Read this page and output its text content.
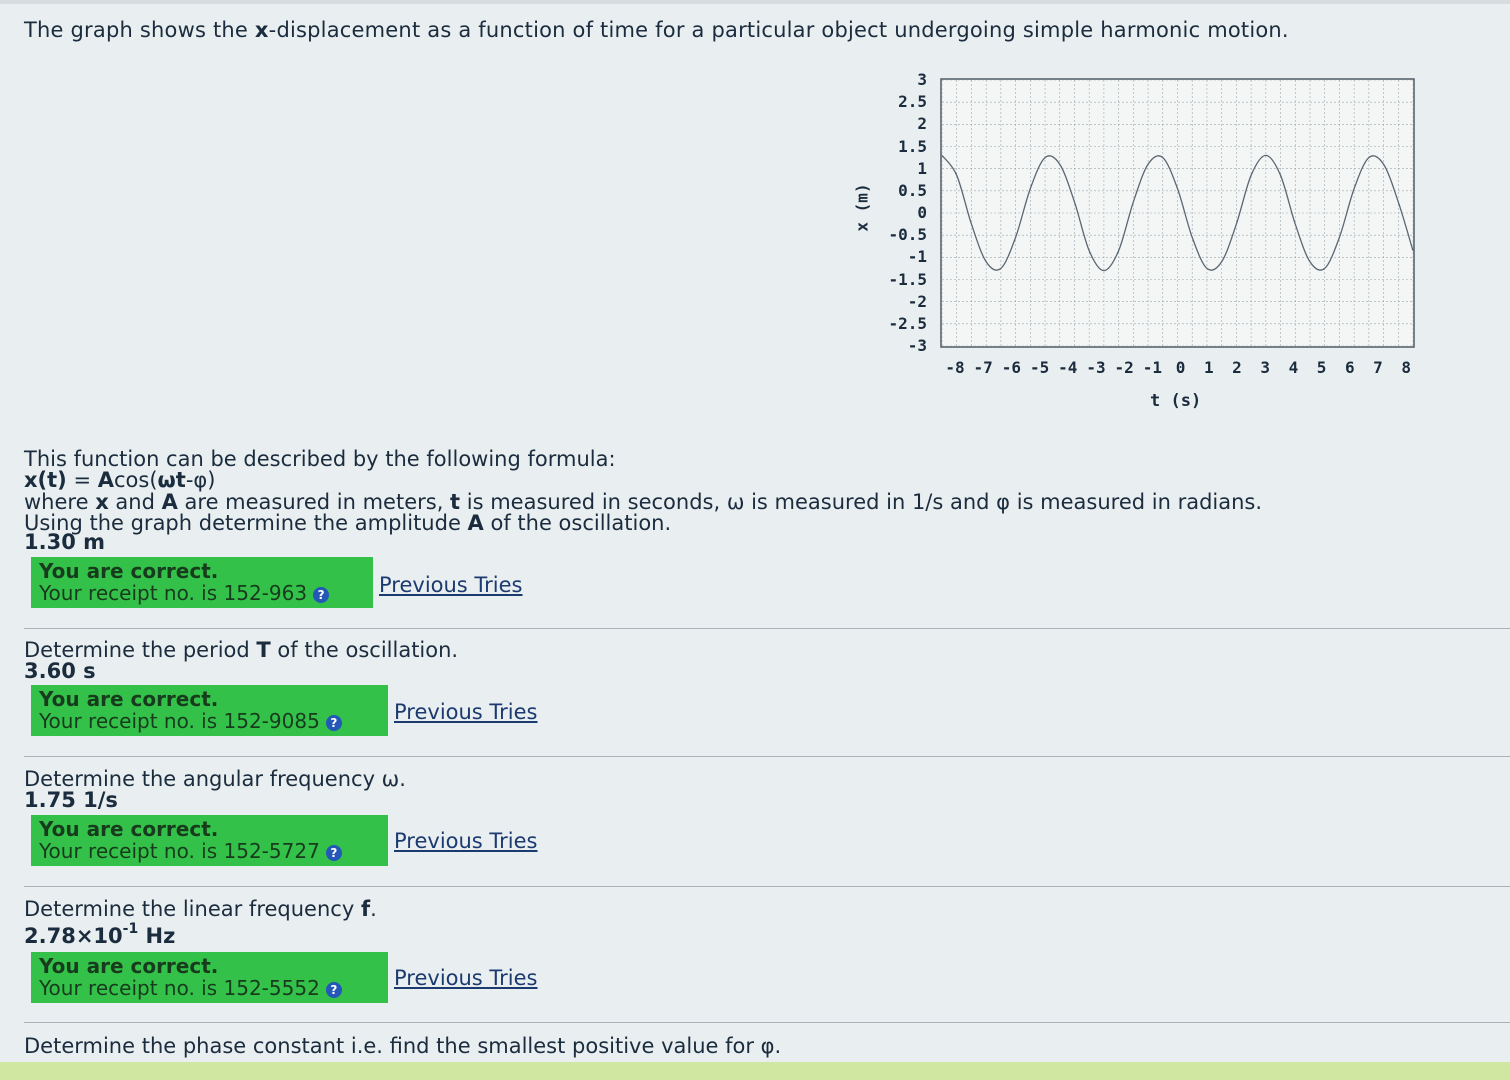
The graph shows the x-displacement as a function of time for a particular object undergoing simple harmonic motion.
x (m)
3
2.5
2
1.5
1
0.5
0
-0.5
-1
-1.5
-2
-2.5
-3
-8 -7 -6 -5 -4 -3 -2 -1 0	1	2	3	4	5	6	7	8
t (s)
This function can be described by the following formula:
x(t) = Acos(ωt-φ)
where x and A are measured in meters, t is measured in seconds, ω is measured in 1/s and φ is measured in radians.
Using the graph determine the amplitude A of the oscillation.
1.30 m
You are correct.
Your receipt no. is 152-963 ?	Previous Tries
Determine the period T of the oscillation.
3.60 s
You are correct.
Your receipt no. is 152-9085 ?	Previous Tries
Determine the angular frequency ω.
1.75 1/s
You are correct.
Your receipt no. is 152-5727 ?	Previous Tries
Determine the linear frequency f.
$2.78\times 10^{-1}$ Hz
You are correct.
Your receipt no. is 152-5552 ?	Previous Tries
Determine the phase constant i.e. find the smallest positive value for φ.
